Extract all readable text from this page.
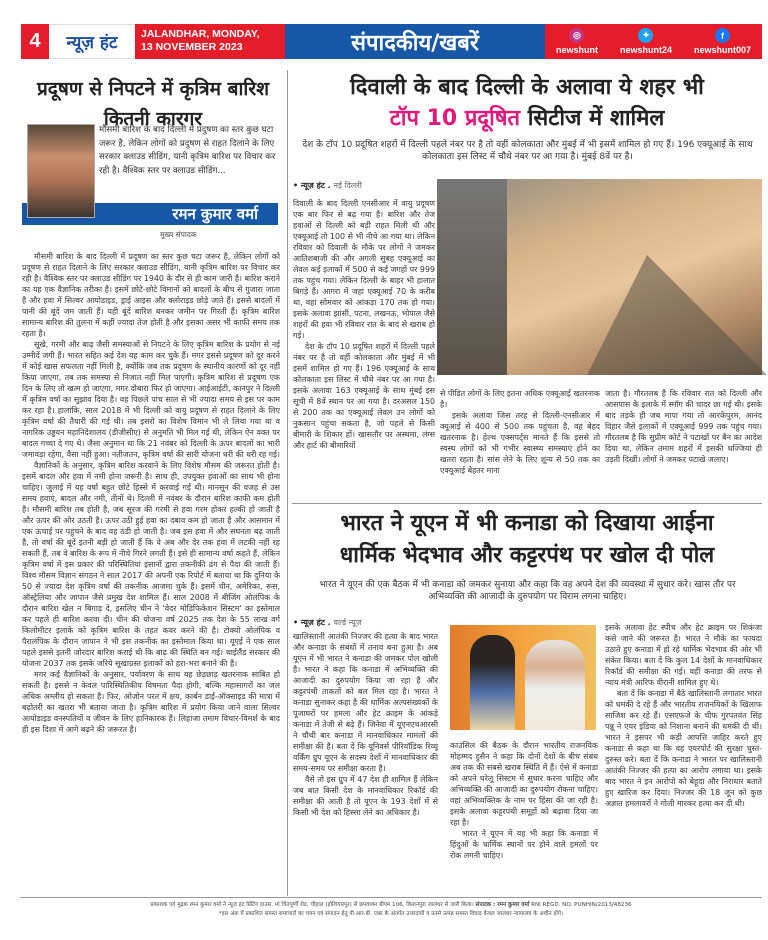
4	न्यूज़ हंट	JALANDHAR, MONDAY,
13 NOVEMBER 2023	संपादकीय/खबरें	◎
newshunt
✦
newshunt24
f
newshunt007
प्रदूषण से निपटने में कृत्रिम बारिश कितनी कारगर
मौसमी बारिश के बाद दिल्ली में प्रदुषण का स्तर कुछ घटा जरूर है, लेकिन लोगों को प्रदुषण से राहत दिलाने के लिए सरकार क्लाउड सीडिंग, यानी कृत्रिम बारिश पर विचार कर रही है। वैश्विक स्तर पर क्लाउड सीडिंग...
रमन कुमार वर्मा
मुख्य संपादक

मौसमी बारिश के बाद दिल्ली में प्रदूषण का स्तर कुछ घटा जरूर है, लेकिन लोगों को प्रदूषण से राहत दिलाने के लिए सरकार क्लाउड सीडिंग, यानी कृत्रिम बारिश पर विचार कर रही है। वैश्विक स्तर पर क्लाउड सीडिंग पर 1940 के दौर से ही काम जारी है। बारिश कराने का यह एक वैज्ञानिक तरीका है। इसमें छोटे-छोटे विमानों को बादलों के बीच से गुजारा जाता है और हवा में सिल्वर आयोडाइड, ड्राई आइस और क्लोराइड छोड़े जाते हैं। इससे बादलों में पानी की बूंदें जम जाती हैं। यही बूंदें बारिश बनकर जमीन पर गिरती हैं। कृत्रिम बारिश सामान्य बारिश की तुलना में कहीं ज्यादा तेज होती है और इसका असर भी काफी समय तक रहता है।

सूखे, गरमी और बाढ़ जैसी समस्याओं से निपटने के लिए कृत्रिम बारिश के प्रयोग से नई उम्मीदें जगी हैं। भारत सहित कई देश यह काम कर चुके हैं। मगर इससे प्रदूषण को दूर करने में कोई खास सफलता नहीं मिली है, क्योंकि जब तक प्रदूषण के स्थानीय कारणों को दूर नहीं किया जाएगा, तब तक समस्या से निजात नहीं मिल पाएगी। कृत्रिम बारिश से प्रदूषण एक दिन के लिए तो खत्म हो जाएगा, मगर दोबारा फिर हो जाएगा। आईआईटी, कानपुर ने दिल्ली में कृत्रिम वर्षा का सुझाव दिया है। वह पिछले पांच साल से भी ज्यादा समय से इस पर काम कर रहा है। हालांकि, साल 2018 में भी दिल्ली को वायु प्रदूषण से राहत दिलाने के लिए कृत्रिम वर्षा की तैयारी की गई थी। तब इसरो का विशेष विमान भी ले लिया गया था व नागरिक उड्डयन महानिदेशालय (डीजीसीए) से अनुमति भी मिल गई थी, लेकिन ऐन वक्त पर बादल गच्चा दे गए थे। जैसा अनुमान था कि 21 नवंबर को दिल्ली के ऊपर बादलों का भारी जमावड़ा रहेगा, वैसा नहीं हुआ। नतीजतन, कृत्रिम वर्षा की सारी योजना धरी की धरी रह गई।

वैज्ञानिकों के अनुसार, कृत्रिम बारिश करवाने के लिए विशेष मौसम की जरूरत होती है। इसमें बादल और हवा में नमी होना जरूरी है। साथ ही, उपयुक्त हवाओं का साथ भी होना चाहिए। जुलाई में यह वर्षा बहुत छोटे हिस्से में करवाई गई थी। मानसून की वजह से उस समय हवाएं, बादल और नमी, तीनों थे। दिल्ली में नवंबर के दौरान बारिश काफी कम होती है। मौसमी बारिश तब होती है, जब सूरज की गरमी से हवा गरम होकर हल्की हो जाती है और ऊपर की ओर उठती है। ऊपर उठी हुई हवा का दबाव कम हो जाता है और आसमान में एक ऊंचाई पर पहुंचने के बाद वह ठंडी हो जाती है। जब इस हवा में और सघनता बढ़ जाती है, तो वर्षा की बूंदें इतनी बड़ी हो जाती हैं कि वे अब और देर तक हवा में लटकी नहीं रह सकती हैं, तब वे बारिश के रूप में नीचे गिरने लगती हैं। इसे ही सामान्य वर्षा कहते हैं, लेकिन कृत्रिम वर्षा में इस प्रकार की परिस्थितियां इंसानों द्वारा तकनीकी ढंग से पैदा की जाती हैं। विश्व मौसम विज्ञान संगठन ने साल 2017 की अपनी एक रिपोर्ट में बताया था कि दुनिया के 50 से ज्यादा देश कृत्रिम वर्षा की तकनीक आजमा चुके हैं। इसमें चीन, अमेरिका, रूस, ऑस्ट्रेलिया और जापान जैसे प्रमुख देश शामिल हैं। साल 2008 में बीजिंग ओलंपिक के दौरान बारिश खेल न बिगाड़ दे, इसलिए चीन ने 'वेदर मोडिफिकेशन सिस्टम' का इस्तेमाल कर पहले ही बारिश करवा दी। चीन की योजना वर्ष 2025 तक देश के 55 लाख वर्ग किलोमीटर इलाके को कृत्रिम बारिश के तहत कवर करने की है। टोक्यो ओलंपिक व पैरालंपिक के दौरान जापान ने भी इस तकनीक का इस्तेमाल किया था। यूएई ने एक साल पहले इससे इतनी जोरदार बारिश कराई थी कि बाढ़ की स्थिति बन गई। थाईलैंड सरकार की योजना 2037 तक इसके जरिये सूखाग्रस्त इलाकों को हरा-भरा बनाने की है।

मगर कई वैज्ञानिकों के अनुसार, पर्यावरण के साथ यह छेड़छाड़ खतरनाक साबित हो सकती है। इससे न केवल पारिस्थितिकीय विषमता पैदा होगी, बल्कि महासागरों का जल अधिक अम्लीय हो सकता है। फिर, ओज़ोन परत में क्षय, कार्बन डाई-ऑक्साइड की मात्रा में बढ़ोतरी का खतरा भी बताया जाता है। कृत्रिम बारिश में प्रयोग किया जाने वाला सिल्वर आयोडाइड वनस्पतियों व जीवन के लिए हानिकारक है। लिहाजा तमाम विचार-विमर्श के बाद ही इस दिशा में आगे बढ़ने की जरूरत है।

दिवाली के बाद दिल्ली के अलावा ये शहर भी
टॉप 10 प्रदूषित सिटीज में शामिल
देश के टॉप 10 प्रदूषित शहरों में दिल्ली पहले नंबर पर है तो वहीं कोलकाता और मुंबई में भी इसमें शामिल हो गए हैं। 196 एक्यूआई के साथ कोलकाता इस लिस्ट में चौथे नंबर पर आ गया है। मुंबई 8वें पर है।
• न्यूज़ हंट . नई दिल्ली

दिवाली के बाद दिल्ली एनसीआर में वायु प्रदूषण एक बार फिर से बढ़ गया है। बारिश और तेज हवाओं से दिल्ली को बड़ी राहत मिली थी और एक्यूआई तो 100 से भी नीचे आ गया था। लेकिन रविवार को दिवाली के मौके पर लोगों ने जमकर आतिशबाजी की और अगली सुबह एक्यूआई का लेवल कई इलाकों में 500 से कई जगहों पर 999 तक पहुंच गया। लेकिन दिल्ली के बाहर भी हालात बिगड़े हैं। आगरा में जहां एक्यूआई 70 के करीब था, वहां सोमवार को आंकड़ा 170 तक हो गया। इसके अलावा झांसी, पटना, लखनऊ, भोपाल जैसे शहरों की हवा भी रविवार रात के बाद से खराब हो गई।

देश के टॉप 10 प्रदूषित शहरों में दिल्ली पहले नंबर पर है तो वहीं कोलकाता और मुंबई में भी इसमें शामिल हो गए हैं। 196 एक्यूआई के साथ कोलकाता इस लिस्ट में चौथे नंबर पर आ गया है। इसके अलावा 163 एक्यूआई के साथ मुंबई इस सूची में 8वें स्थान पर आ गया है। दरअसल 150 से 200 तक का एक्यूआई लेवल उन लोगों को नुकसान पहुंचा सकता है, जो पहले से किसी बीमारी के शिकार हों। खासतौर पर अस्थमा, लंग्स और हार्ट की बीमारियों

से पीड़ित लोगों के लिए इतना अधिक एक्यूआई खतरनाक है।

इसके अलावा जिस तरह से दिल्ली-एनसीआर में क्यूआई से 400 से 500 तक पहुंचता है, वह बेहद खतरनाक है। हेल्थ एक्सपर्ट्स मानते हैं कि इससे तो स्वस्थ लोगों को भी गंभीर स्वास्थ्य समस्याएं होने का खतरा रहता है। सांस लेने के लिए शून्य से 50 तक का एक्यूआई बेहतर माना

जाता है। गौरतलब है कि रविवार रात को दिल्ली और आसपास के इलाके में स्मॉग की चादर छा गई थी। इसके बाद तड़के ही जब मापा गया तो आरकेपुरम, आनंद विहार जैसे इलाकों में एक्यूआई 999 तक पहुंच गया। गौरतलब है कि सुप्रीम कोर्ट ने पटाखों पर बैन का आदेश दिया था, लेकिन तमाम शहरों में इसकी धज्जियां ही उड़ती दिखीं। लोगों ने जमकर पटाखे जलाए।

भारत ने यूएन में भी कनाडा को दिखाया आईना
धार्मिक भेदभाव और कट्टरपंथ पर खोल दी पोल
भारत ने यूएन की एक बैठक में भी कनाडा को जमकर सुनाया और कहा कि वह अपने देश की व्यवस्था में सुधार करे। खास तौर पर अभिव्यक्ति की आजादी के दुरुपयोग पर विराम लगना चाहिए।
• न्यूज़ हंट . वर्ल्ड न्यूज़

खालिस्तानी आतंकी निज्जर की हत्या के बाद भारत और कनाडा के संबंधों में तनाव बना हुआ है। अब यूएन में भी भारत ने कनाडा की जमकर पोल खोली है। भारत ने कहा कि कनाडा में अभिव्यक्ति की आजादी का दुरुपयोग किया जा रहा है और कट्टरपंथी ताकतों को बल मिल रहा है। भारत ने कनाडा सुनाकर कहा है की धार्मिक अल्पसंख्यकों के पूजाघरों पर हमला और हेट क्राइम के आंकड़े कनाडा में तेजी से बढ़े हैं। जिनेवा में यूएनएचआरसी ने चौथी बार कनाडा में मानवाधिकार मामलों की समीक्षा की है। बता दें कि यूनिवर्स पीरियॉडिक रिव्यू वर्किंग ग्रुप यूएन के सदस्य देशों में मानवाधिकार की समय-समय पर समीक्षा करता है।

वैसे तो इस ग्रुप में 47 देश ही शामिल हैं लेकिन जब बात किसी देश के मानवाधिकार रिकॉर्ड की समीक्षा की आती है तो यूएन के 193 देशों में से किसी भी देश को हिस्सा लेने का अधिकार है।

काउंसिल की बैठक के दौरान भारतीय राजनयिक मोहम्मद हुसैन ने कहा कि दोनों देशों के बीच संबंध अब तक की सबसे खराब स्थिति में हैं। ऐसे में कनाडा को अपने घरेलू सिस्टम में सुधार करना चाहिए और अभिव्यक्ति की आजादी का दुरुपयोग रोकना चाहिए। वहां अभिव्यक्तिक के नाम पर हिंसा की जा रही है। इसके अलावा कट्टरपंथी समूहों को बढ़ावा दिया जा रहा है।

भारत ने यूएन में यह भी कहा कि कनाडा में हिंदुओं के धार्मिक स्थानों पर होने वाले हमलों पर रोक लगनी चाहिए।

इसके अलावा हेट स्पीच और हेट क्राइम पर शिकंजा कसे जाने की जरूरत है। भारत ने मौके का फायदा उठाते हुए कनाडा में हो रहे धार्मिक भेदभाव की ओर भी संकेत किया। बता दें कि कुल 14 देशों के मानवाधिकार रिकॉर्ड की समीक्षा की गई। वहीं कनाडा की तरफ से न्याय मंत्री आरिफ वीरानी शामिल हुए थे।

बता दें कि कनाडा में बैठे खालिस्तानी लगातार भारत को धमकी दे रहे हैं और भारतीय राजनयिकों के खिलाफ साजिश कर रहे हैं। एसएफजे के चीफ गुरपतवंत सिंह पन्नू ने एयर इंडिया को निशाना बनाने की धमकी दी थी। भारत ने इसपर भी कड़ी आपत्ति जाहिर करते हुए कनाडा से कहा था कि वह एयरपोर्ट की सुरक्षा चुस्त-दुरुस्त करे। बता दें कि कनाडा ने भारत पर खालिस्तानी आतंकी निज्जर की हत्या का आरोप लगाया था। इसके बाद भारत ने इन आरोपो को बेहूदा और निराधार बताते हुए खारिज कर दिया। निज्जर की 18 जून को कुछ अज्ञात हमलावरों ने गोली मारकर हत्या कर दी थी।

प्रकाशक एवं मुद्रक रमन कुमार वर्मा ने न्यूज़ हंट प्रिंटिंग हाउस, मां चिंतपूर्णी रोड, चौहाल (होशियारपुर) से छपवाकर बीएम 106, किशनपुरा जालंधर से जारी किया। संपादक : रमन कुमार वर्मा RNI REGD. NO. PUNHIN/2013/48236
*इस अंक में प्रकाशित समस्त समाचारों का चयन एवं संपादन हेतु पी.आर.बी. एक्ट के अंतर्गत उत्तरदायी व उनसे उत्पन्न समस्त विवाद केवल जालंधर न्यायालय के अधीन होंगे।
